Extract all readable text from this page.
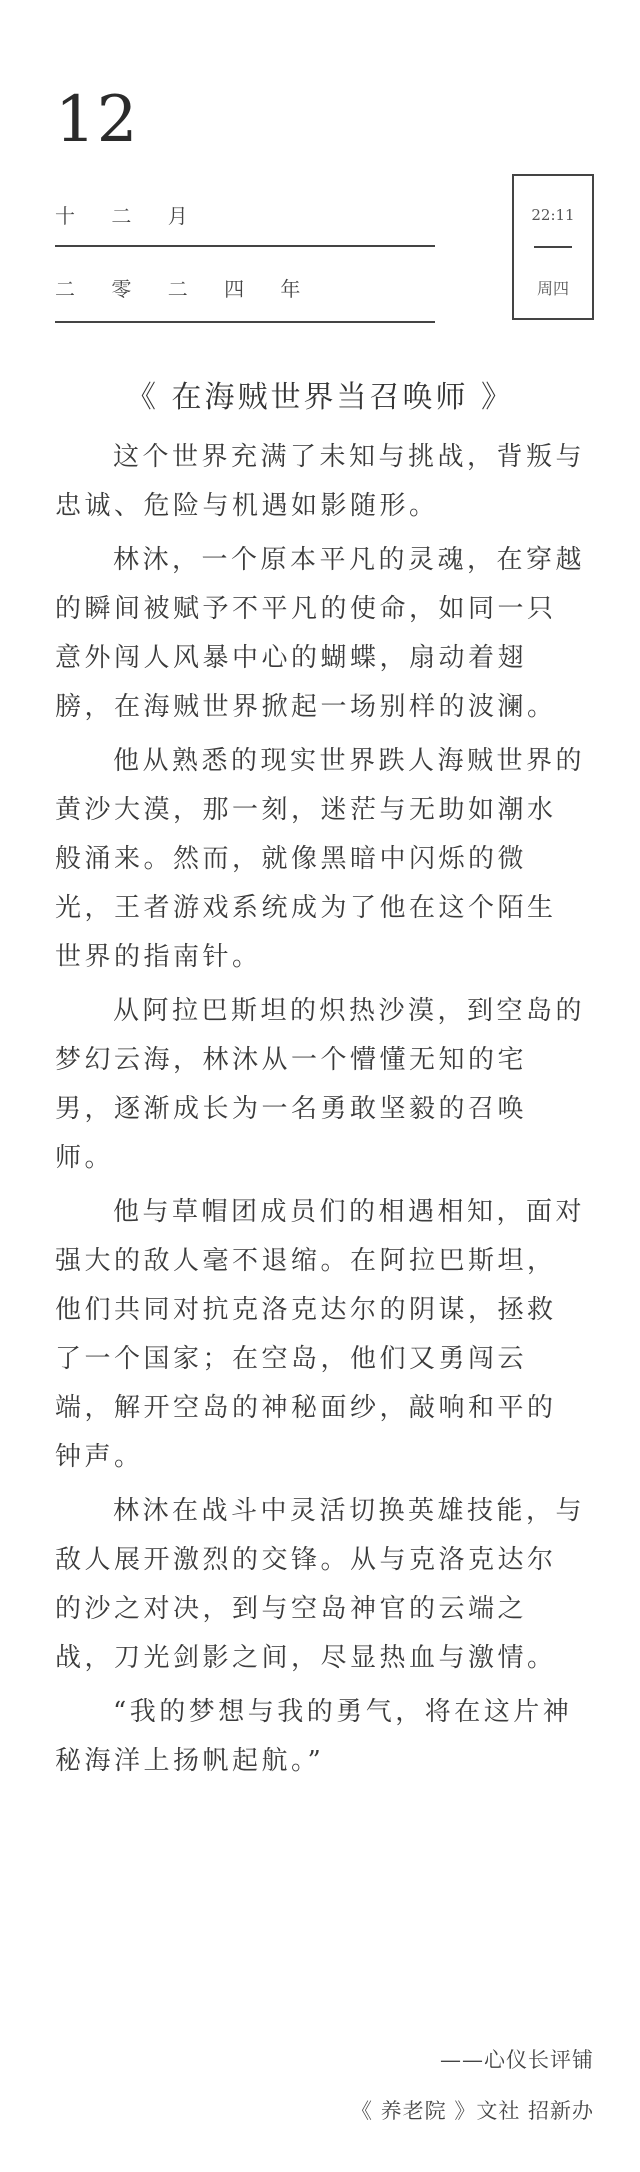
12
十 二 月
二 零 二 四 年
22:11
周四
《 在海贼世界当召唤师 》

这个世界充满了未知与挑战，背叛与忠诚、危险与机遇如影随形。

林沐，一个原本平凡的灵魂，在穿越的瞬间被赋予不平凡的使命，如同一只意外闯人风暴中心的蝴蝶，扇动着翅膀，在海贼世界掀起一场别样的波澜。

他从熟悉的现实世界跌人海贼世界的黄沙大漠，那一刻，迷茫与无助如潮水般涌来。然而，就像黑暗中闪烁的微光，王者游戏系统成为了他在这个陌生世界的指南针。

从阿拉巴斯坦的炽热沙漠，到空岛的梦幻云海，林沐从一个懵懂无知的宅男，逐渐成长为一名勇敢坚毅的召唤师。

他与草帽团成员们的相遇相知，面对强大的敌人毫不退缩。在阿拉巴斯坦，他们共同对抗克洛克达尔的阴谋，拯救了一个国家；在空岛，他们又勇闯云端，解开空岛的神秘面纱，敲响和平的钟声。

林沐在战斗中灵活切换英雄技能，与敌人展开激烈的交锋。从与克洛克达尔的沙之对决，到与空岛神官的云端之战，刀光剑影之间，尽显热血与激情。

“我的梦想与我的勇气，将在这片神秘海洋上扬帆起航。”

——心仪长评铺
《 养老院 》文社 招新办
